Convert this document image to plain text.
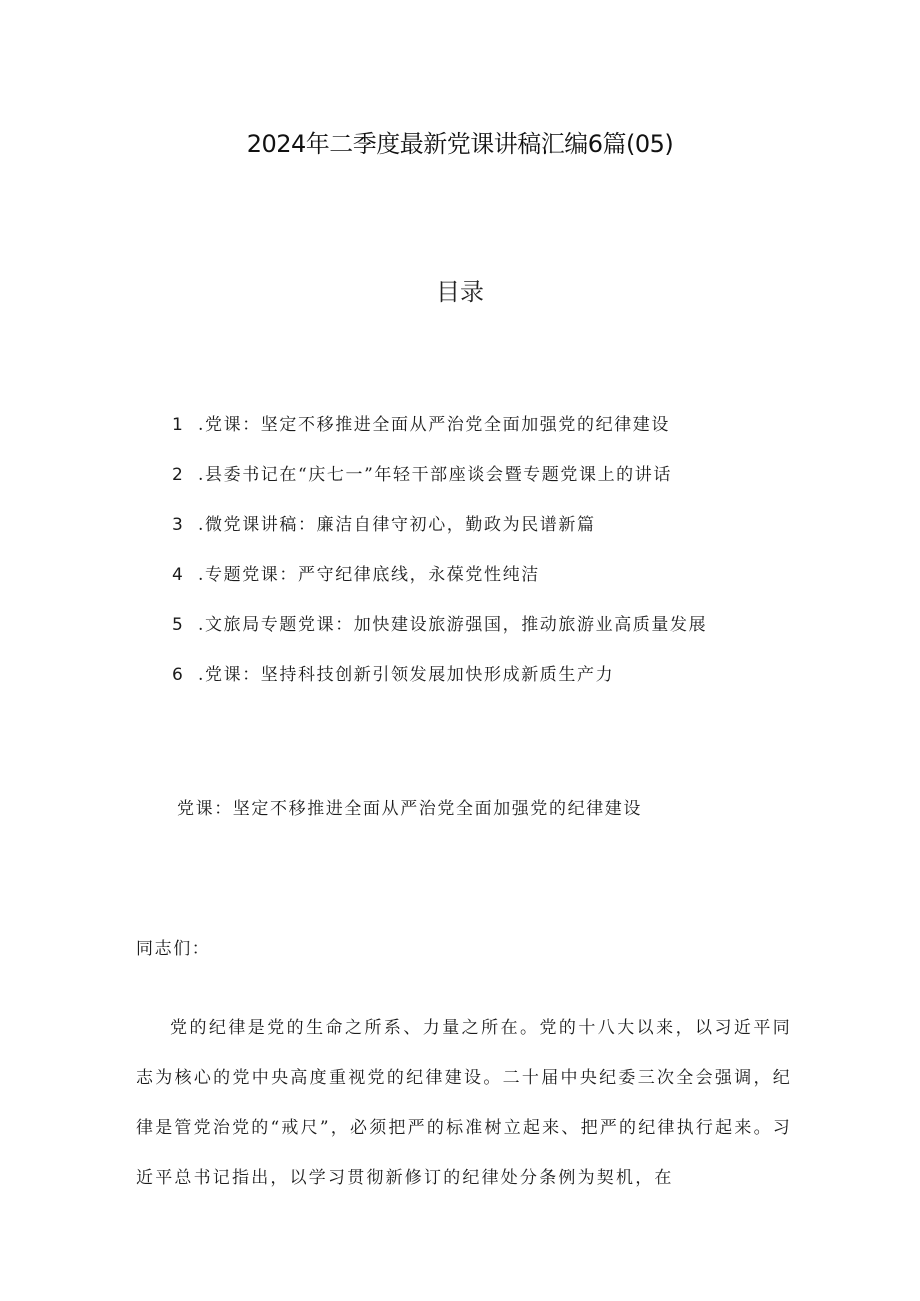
2024年二季度最新党课讲稿汇编6篇(05)
目录
1 .党课：坚定不移推进全面从严治党全面加强党的纪律建设
2 .县委书记在“庆七一”年轻干部座谈会暨专题党课上的讲话
3 .微党课讲稿：廉洁自律守初心，勤政为民谱新篇
4 .专题党课：严守纪律底线，永葆党性纯洁
5 .文旅局专题党课：加快建设旅游强国，推动旅游业高质量发展
6 .党课：坚持科技创新引领发展加快形成新质生产力
党课：坚定不移推进全面从严治党全面加强党的纪律建设
同志们：

党的纪律是党的生命之所系、力量之所在。党的十八大以来，以习近平同志为核心的党中央高度重视党的纪律建设。二十届中央纪委三次全会强调，纪律是管党治党的“戒尺”，必须把严的标准树立起来、把严的纪律执行起来。习近平总书记指出，以学习贯彻新修订的纪律处分条例为契机，在
